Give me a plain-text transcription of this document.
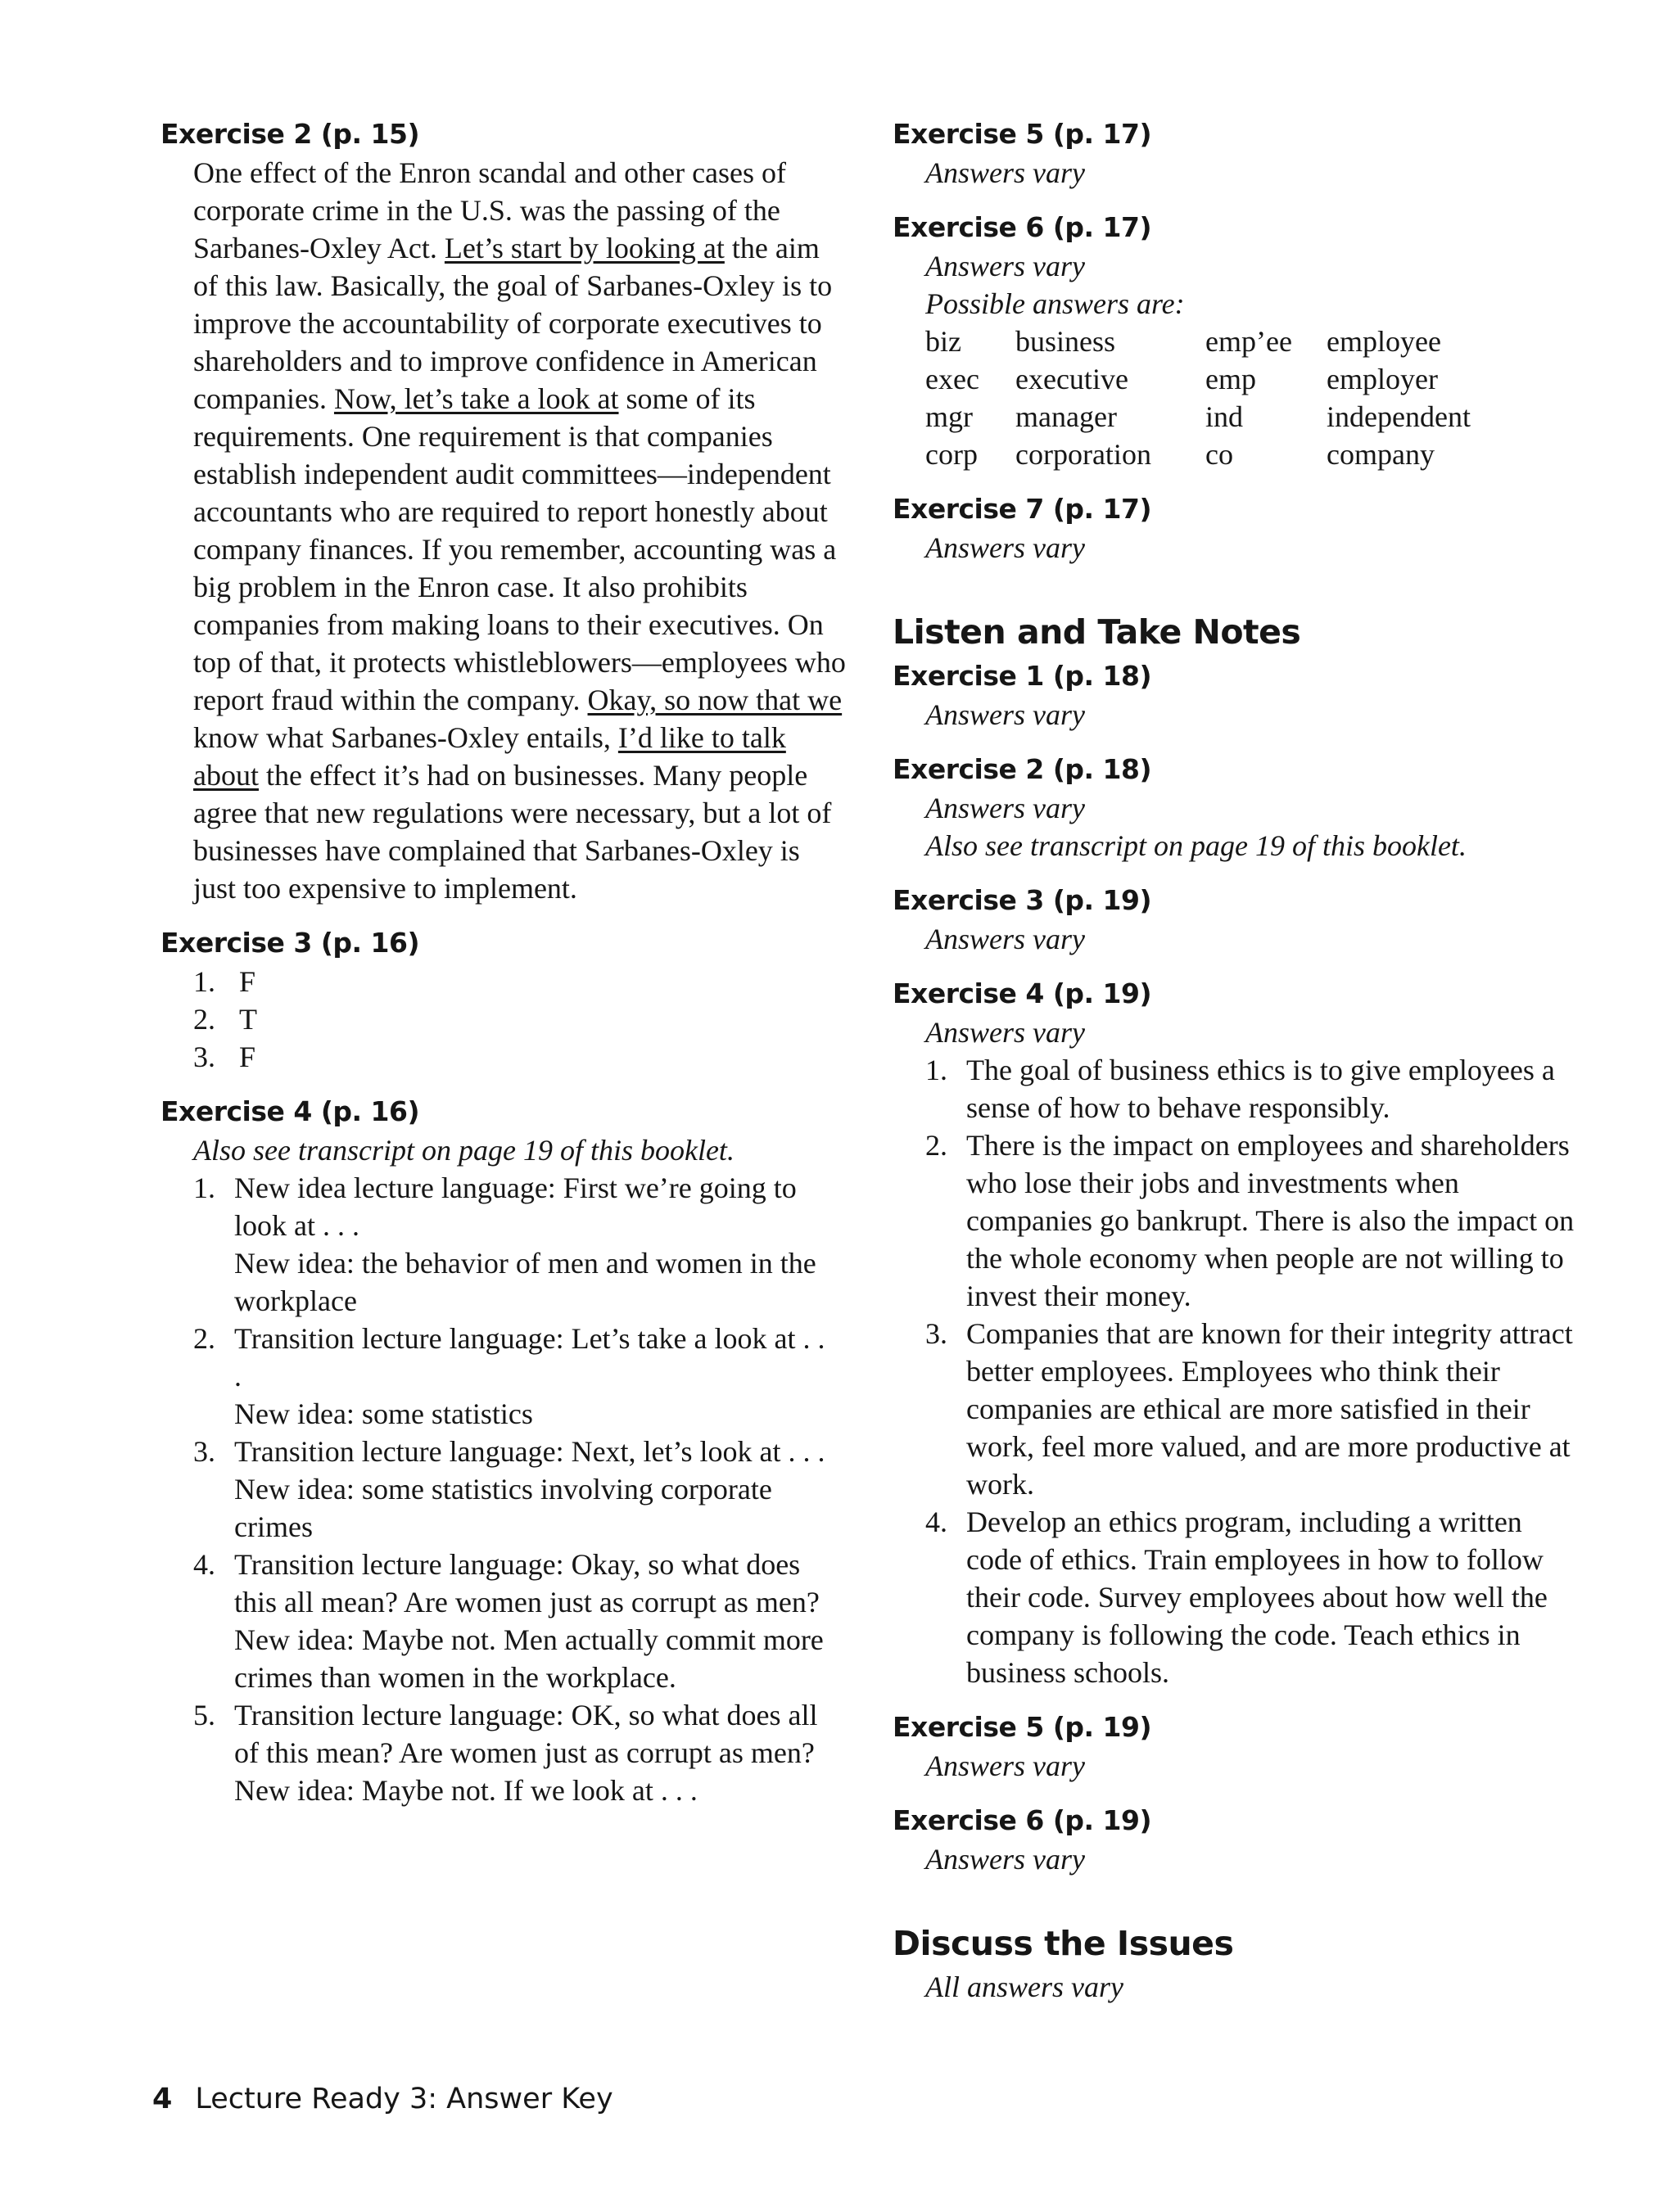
Exercise 2 (p. 15)
One effect of the Enron scandal and other cases of corporate crime in the U.S. was the passing of the Sarbanes-Oxley Act. Let’s start by looking at the aim of this law. Basically, the goal of Sarbanes-Oxley is to improve the accountability of corporate executives to shareholders and to improve confidence in American companies. Now, let’s take a look at some of its requirements. One requirement is that companies establish independent audit committees—independent accountants who are required to report honestly about company finances. If you remember, accounting was a big problem in the Enron case. It also prohibits companies from making loans to their executives. On top of that, it protects whistleblowers—employees who report fraud within the company. Okay, so now that we know what Sarbanes-Oxley entails, I’d like to talk about the effect it’s had on businesses. Many people agree that new regulations were necessary, but a lot of businesses have complained that Sarbanes-Oxley is just too expensive to implement.
Exercise 3 (p. 16)
1. F
2. T
3. F
Exercise 4 (p. 16)
Also see transcript on page 19 of this booklet.
1. New idea lecture language: First we’re going to look at . . .
New idea: the behavior of men and women in the workplace
2. Transition lecture language: Let’s take a look at . . .
New idea: some statistics
3. Transition lecture language: Next, let’s look at . . .
New idea: some statistics involving corporate crimes
4. Transition lecture language: Okay, so what does this all mean? Are women just as corrupt as men?
New idea: Maybe not. Men actually commit more crimes than women in the workplace.
5. Transition lecture language: OK, so what does all of this mean? Are women just as corrupt as men?
New idea: Maybe not. If we look at . . .
Exercise 5 (p. 17)
Answers vary
Exercise 6 (p. 17)
Answers vary
Possible answers are:
biz	business	emp’ee	employee
exec	executive	emp	employer
mgr	manager	ind	independent
corp	corporation	co	company
Exercise 7 (p. 17)
Answers vary
Listen and Take Notes
Exercise 1 (p. 18)
Answers vary
Exercise 2 (p. 18)
Answers vary
Also see transcript on page 19 of this booklet.
Exercise 3 (p. 19)
Answers vary
Exercise 4 (p. 19)
Answers vary
1. The goal of business ethics is to give employees a sense of how to behave responsibly.
2. There is the impact on employees and shareholders who lose their jobs and investments when companies go bankrupt. There is also the impact on the whole economy when people are not willing to invest their money.
3. Companies that are known for their integrity attract better employees. Employees who think their companies are ethical are more satisfied in their work, feel more valued, and are more productive at work.
4. Develop an ethics program, including a written code of ethics. Train employees in how to follow their code. Survey employees about how well the company is following the code. Teach ethics in business schools.
Exercise 5 (p. 19)
Answers vary
Exercise 6 (p. 19)
Answers vary
Discuss the Issues
All answers vary
4 Lecture Ready 3: Answer Key
